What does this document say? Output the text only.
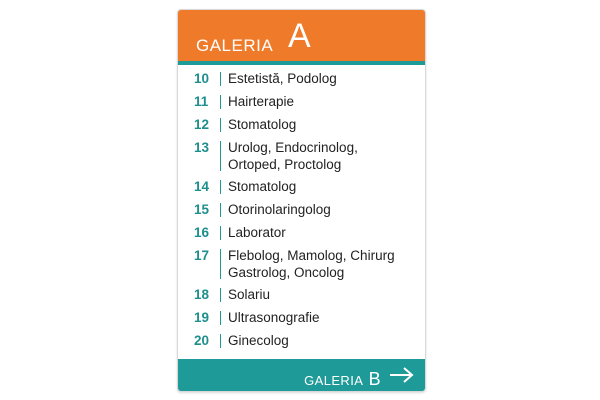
GALERIA A
10	Estetistă, Podolog
11	Hairterapie
12	Stomatolog
13	Urolog, Endocrinolog,
Ortoped, Proctolog
14	Stomatolog
15	Otorinolaringolog
16	Laborator
17	Flebolog, Mamolog, Chirurg
Gastrolog, Oncolog
18	Solariu
19	Ultrasonografie
20	Ginecolog
GALERIA B
